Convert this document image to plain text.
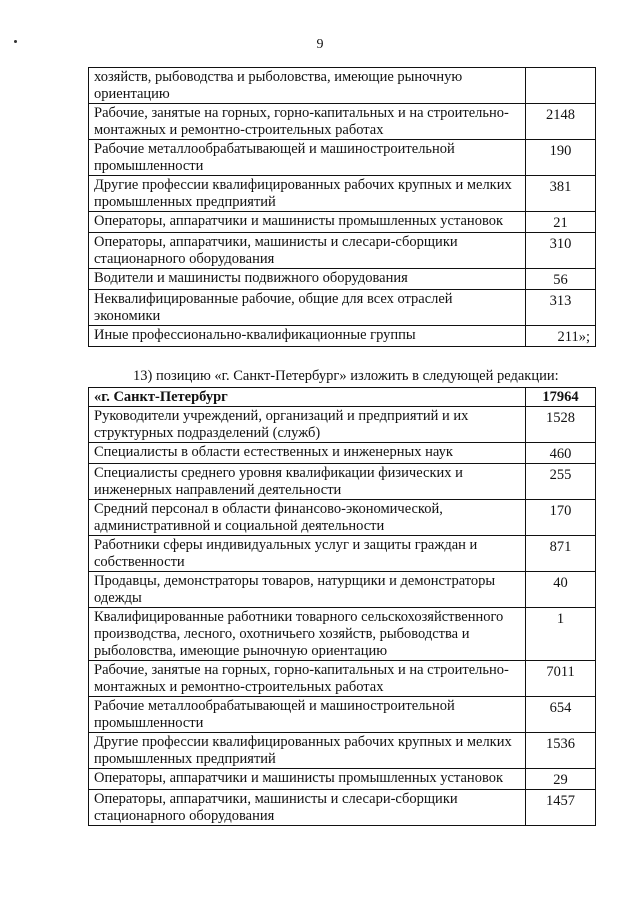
9
хозяйств, рыбоводства и рыболовства, имеющие рыночную ориентацию	
Рабочие, занятые на горных, горно-капитальных и на строительно-монтажных и ремонтно-строительных работах	2148
Рабочие металлообрабатывающей и машиностроительной промышленности	190
Другие профессии квалифицированных рабочих крупных и мелких промышленных предприятий	381
Операторы, аппаратчики и машинисты промышленных установок	21
Операторы, аппаратчики, машинисты и слесари-сборщики стационарного оборудования	310
Водители и машинисты подвижного оборудования	56
Неквалифицированные рабочие, общие для всех отраслей экономики	313
Иные профессионально-квалификационные группы	211»;
13) позицию «г. Санкт-Петербург» изложить в следующей редакции:
«г. Санкт-Петербург	17964
Руководители учреждений, организаций и предприятий и их структурных подразделений (служб)	1528
Специалисты в области естественных и инженерных наук	460
Специалисты среднего уровня квалификации физических и инженерных направлений деятельности	255
Средний персонал в области финансово-экономической, административной и социальной деятельности	170
Работники сферы индивидуальных услуг и защиты граждан и собственности	871
Продавцы, демонстраторы товаров, натурщики и демонстраторы одежды	40
Квалифицированные работники товарного сельскохозяйственного производства, лесного, охотничьего хозяйств, рыбоводства и рыболовства, имеющие рыночную ориентацию	1
Рабочие, занятые на горных, горно-капитальных и на строительно-монтажных и ремонтно-строительных работах	7011
Рабочие металлообрабатывающей и машиностроительной промышленности	654
Другие профессии квалифицированных рабочих крупных и мелких промышленных предприятий	1536
Операторы, аппаратчики и машинисты промышленных установок	29
Операторы, аппаратчики, машинисты и слесари-сборщики стационарного оборудования	1457
